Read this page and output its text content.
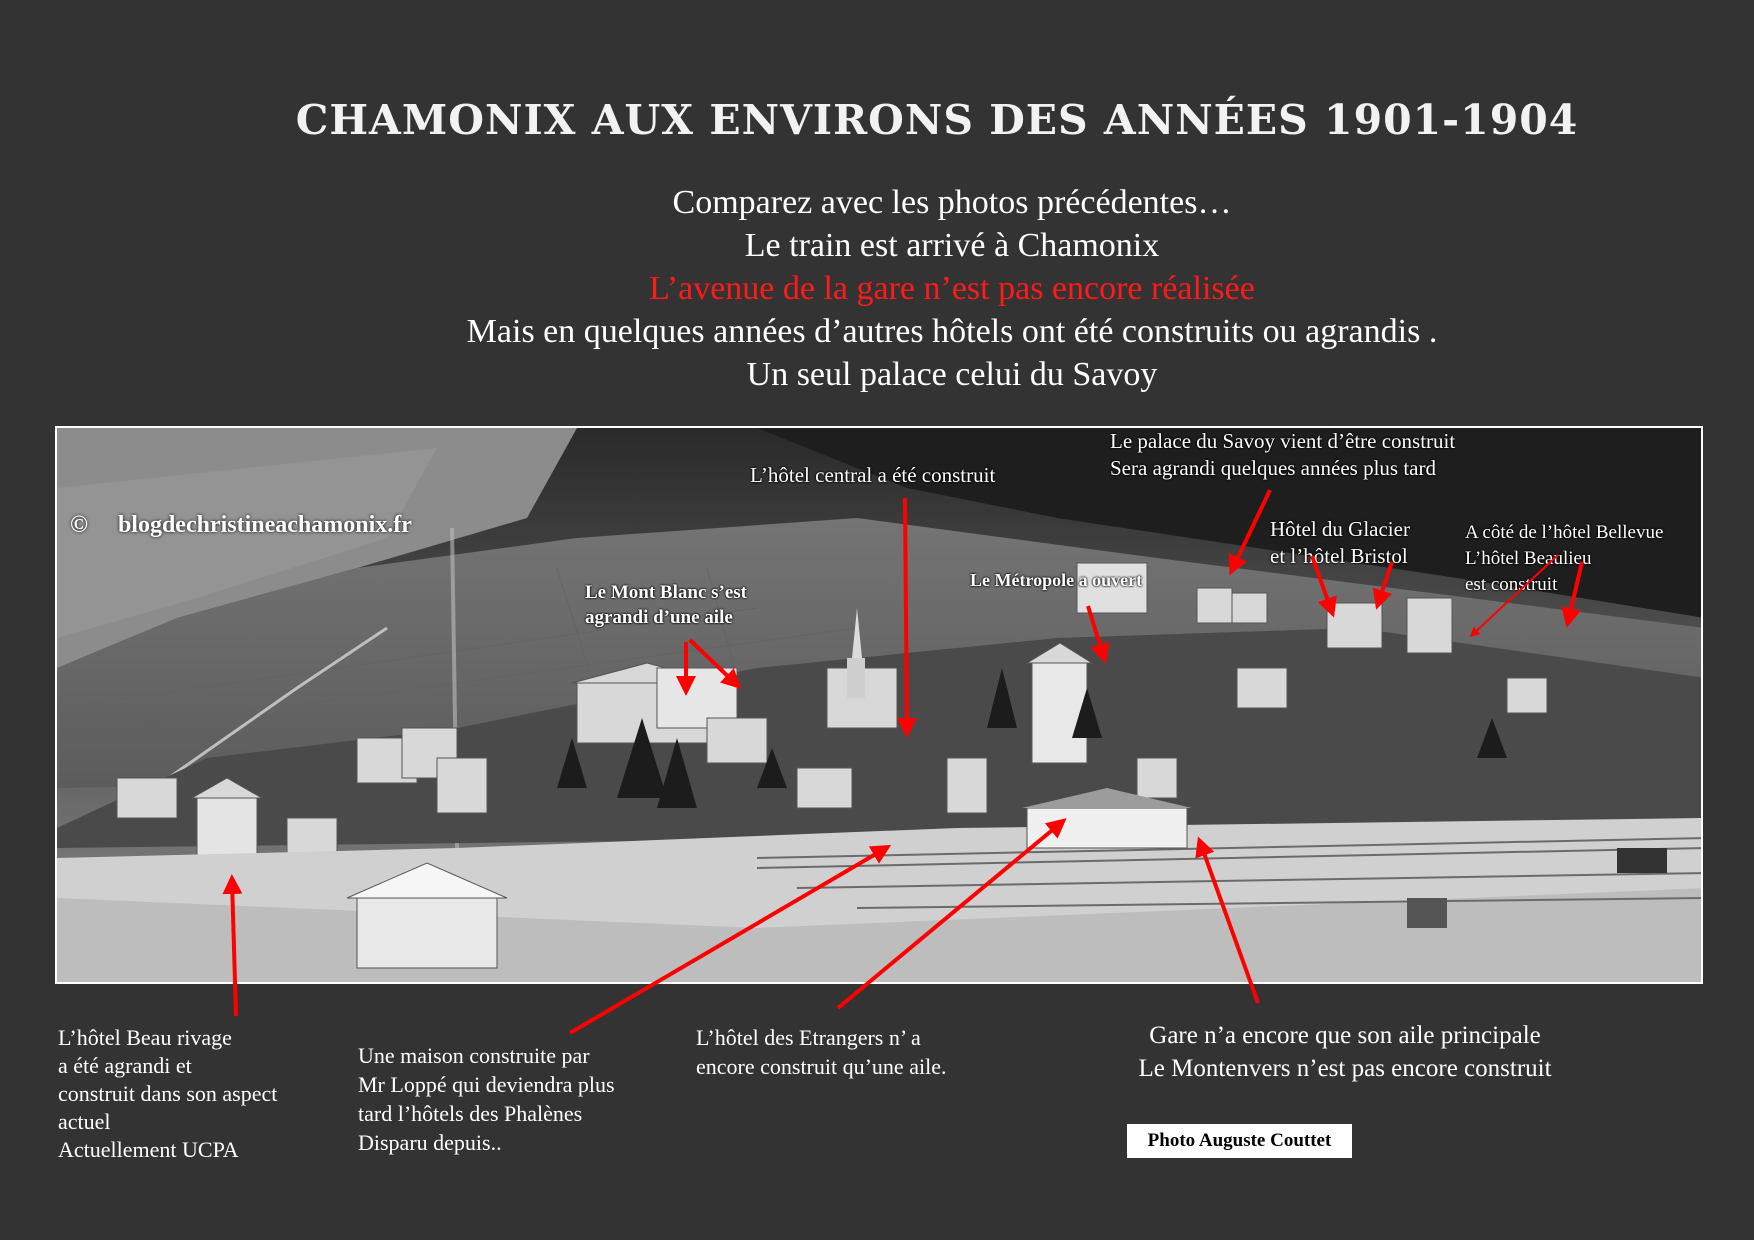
CHAMONIX AUX ENVIRONS DES ANNÉES 1901-1904
Comparez avec les photos précédentes…
Le train est arrivé à Chamonix
L’avenue de la gare n’est pas encore réalisée
Mais en quelques années d’autres hôtels ont été construits ou agrandis .
Un seul palace celui du Savoy
© blogdechristineachamonix.fr
L’hôtel central a été construit
Le palace du Savoy vient d’être construit
Sera agrandi quelques années plus tard
Hôtel du Glacier
et l’hôtel Bristol
A côté de l’hôtel Bellevue
L’hôtel Beaulieu
est construit
Le Mont Blanc s’est
agrandi d’une aile
Le Métropole a ouvert
L’hôtel Beau rivage
a été agrandi et
construit dans son aspect
actuel
Actuellement UCPA
Une maison construite par
Mr Loppé qui deviendra plus
tard l’hôtels des Phalènes
Disparu depuis..
L’hôtel des Etrangers n’ a
encore construit qu’une aile.
Gare n’a encore que son aile principale
Le Montenvers n’est pas encore construit
Photo Auguste Couttet
